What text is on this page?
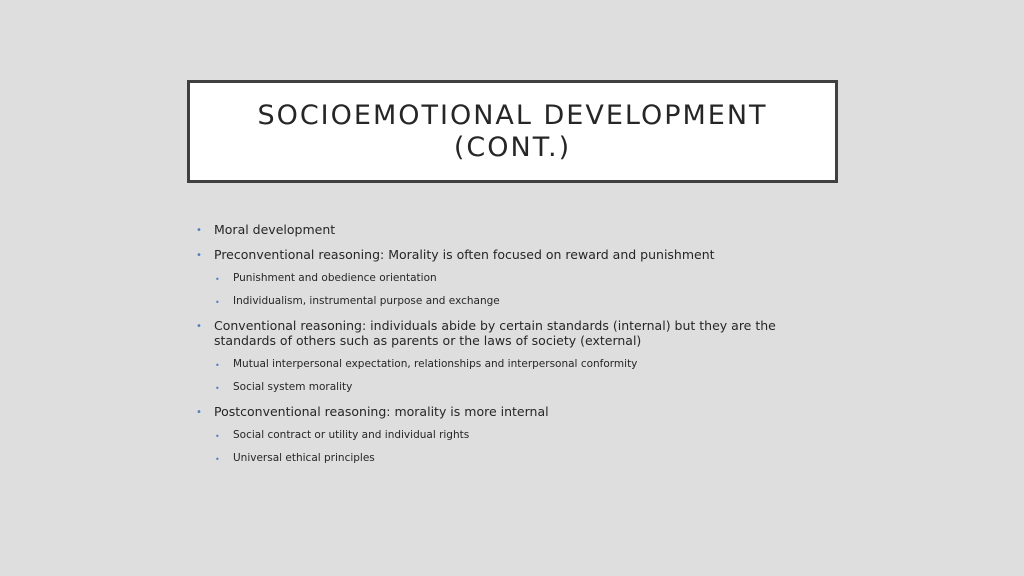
SOCIOEMOTIONAL DEVELOPMENT
(CONT.)
• Moral development
• Preconventional reasoning: Morality is often focused on reward and punishment
• Punishment and obedience orientation
• Individualism, instrumental purpose and exchange
• Conventional reasoning: individuals abide by certain standards (internal) but they are the standards of others such as parents or the laws of society (external)
• Mutual interpersonal expectation, relationships and interpersonal conformity
• Social system morality
• Postconventional reasoning: morality is more internal
• Social contract or utility and individual rights
• Universal ethical principles
